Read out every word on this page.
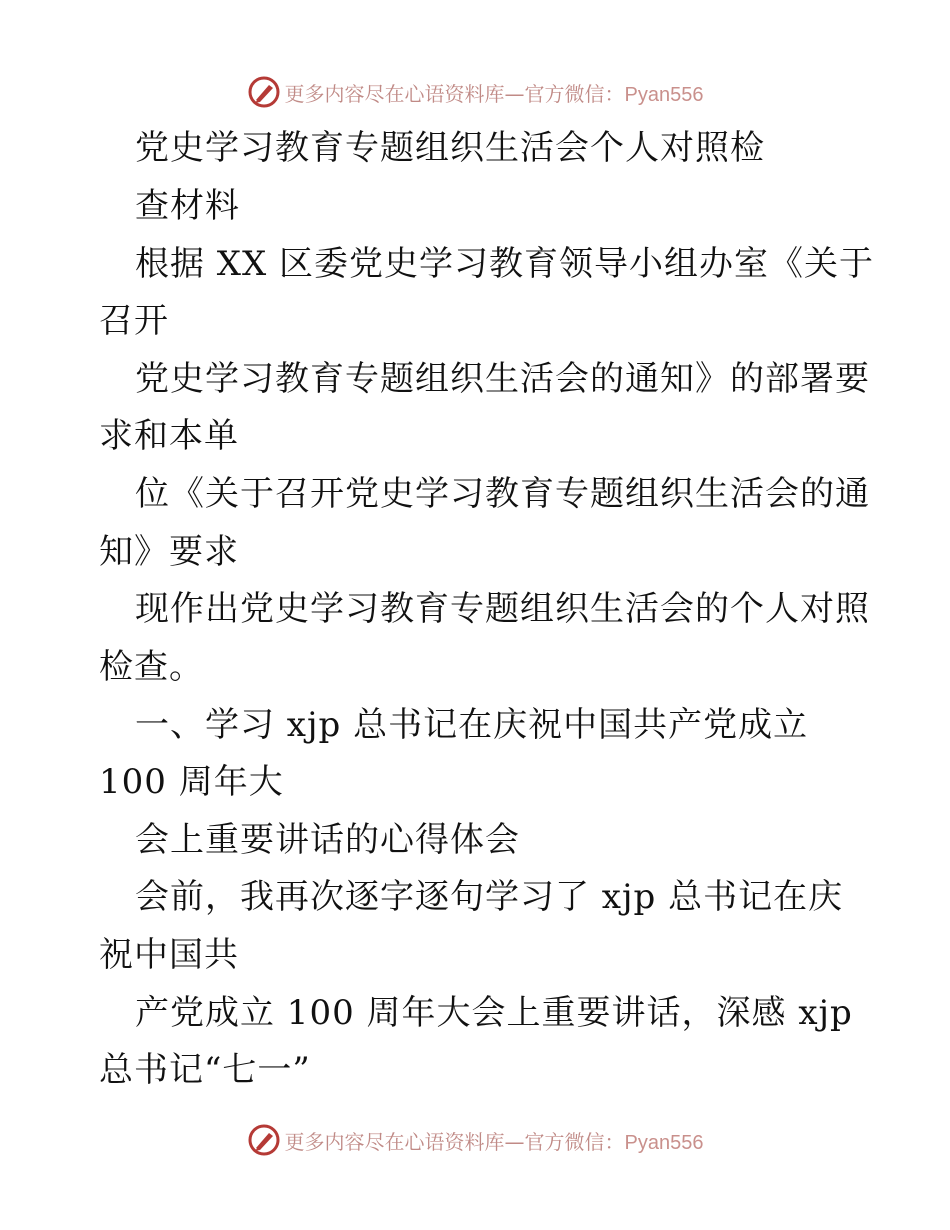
更多内容尽在心语资料库—官方微信：Pyan556
党史学习教育专题组织生活会个人对照检
查材料
根据 XX 区委党史学习教育领导小组办室《关于
召开
党史学习教育专题组织生活会的通知》的部署要
求和本单
位《关于召开党史学习教育专题组织生活会的通
知》要求
现作出党史学习教育专题组织生活会的个人对照
检查。
一、学习 xjp 总书记在庆祝中国共产党成立
100 周年大
会上重要讲话的心得体会
会前，我再次逐字逐句学习了 xjp 总书记在庆
祝中国共
产党成立 100 周年大会上重要讲话，深感 xjp
总书记“七一”
更多内容尽在心语资料库—官方微信：Pyan556
